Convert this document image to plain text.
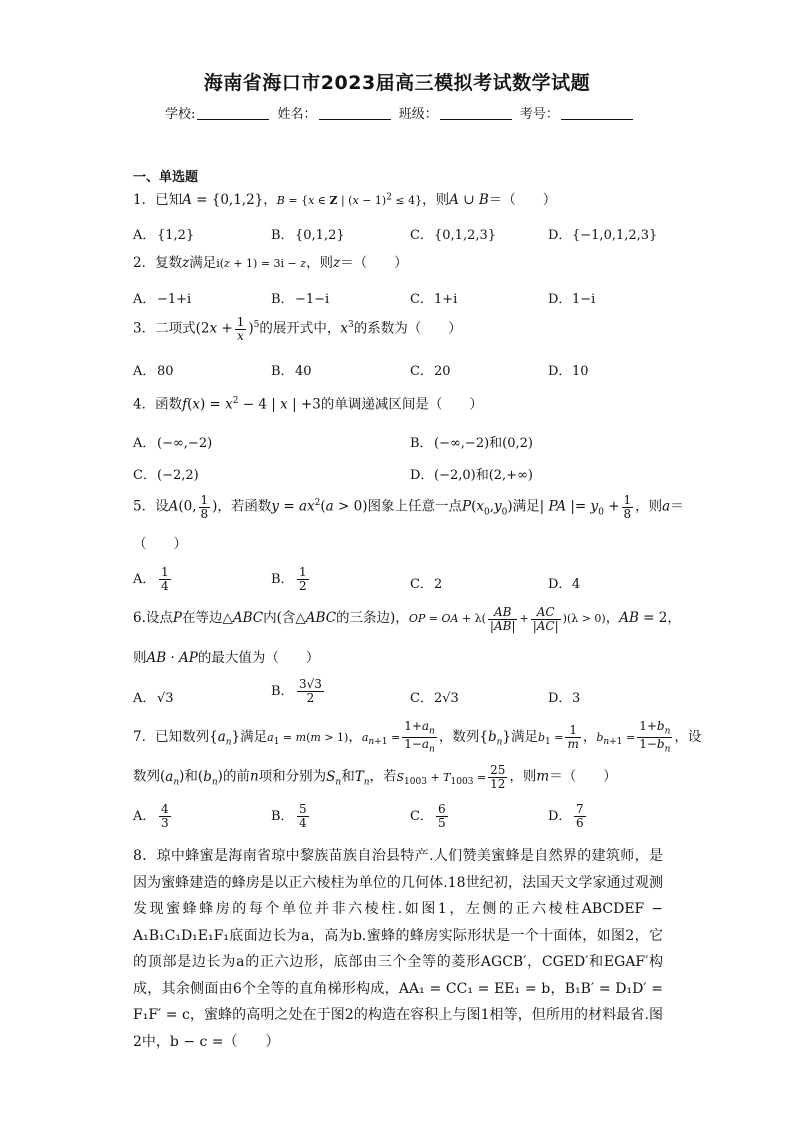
海南省海口市2023届高三模拟考试数学试题
学校:	姓名：	班级：	考号：
一、单选题
1．已知A = {0,1,2}，B = {x ∈ Z | $(x - 1)^2 \le 4$}，则A ∪ B＝（　　）
A． {1,2}	B．{0,1,2}	C．{0,1,2,3}	D．{−1,0,1,2,3}
2．复数z满足i(z + 1) = 3i − z，则z＝（　　）
A． −1+i	B．−1−i	C．1+i	D．1−i
3．二项式$(2x + \frac{1}{x} )^5$的展开式中，$x^3$的系数为（　　）
A． 80	B．40	C．20	D．10
4．函数$f(x) = x^2 - 4$ | x | +3的单调递减区间是（　　）
A． (−∞,−2)	B．(−∞,−2)和(0,2)
C．(−2,2)	D．(−2,0)和(2,+∞)
5．设A(0, $\frac{1}{8}$ )，若函数$y = ax^2(a > 0)$图象上任意一点$P(x_0,y_0)$满足| PA |= $y_0 + \frac{1}{8}$ ，则a＝
（　　）
A． $\frac{1}{4}$	B． $\frac{1}{2}$	C．2	D．4
6.设点P在等边△ABC内(含△ABC的三条边)，OP = OA + $\lambda( \frac{AB}{|AB|} + \frac{AC}{|AC|} )(\lambda > 0)$，AB = 2，
则AB · AP的最大值为（　　）
A． √3	B． $\frac{3√3}{2}$	C．2√3	D．3
7．已知数列$\{a_n\}$满足$a_1 = m(m > 1)$，$a_{n+1} = \frac{1+a_n}{1-a_n}$ ，数列$\{b_n\}$满足$b_1 = \frac{1}{m}$ ，$b_{n+1} = \frac{1+b_n}{1-b_n}$ ，设
数列$(a_n)$和$(b_n)$的前n项和分别为$S_n$和$T_n$，若$S_{1003} + T_{1003} = \frac{25}{12}$ ，则m＝（　　）
A． $\frac{4}{3}$	B． $\frac{5}{4}$	C． $\frac{6}{5}$	D． $\frac{7}{6}$
8．琼中蜂蜜是海南省琼中黎族苗族自治县特产.人们赞美蜜蜂是自然界的建筑师，是因为蜜蜂建造的蜂房是以正六棱柱为单位的几何体.18世纪初，法国天文学家通过观测发现蜜蜂蜂房的每个单位并非六棱柱.如图1，左侧的正六棱柱ABCDEF − A₁B₁C₁D₁E₁F₁底面边长为a，高为b.蜜蜂的蜂房实际形状是一个十面体，如图2，它的顶部是边长为a的正六边形，底部由三个全等的菱形AGCB′，CGED′和EGAF′构成，其余侧面由6个全等的直角梯形构成，AA₁ = CC₁ = EE₁ = b，B₁B′ = D₁D′ = F₁F′ = c，蜜蜂的高明之处在于图2的构造在容积上与图1相等，但所用的材料最省.图2中，b − c =（　　）
